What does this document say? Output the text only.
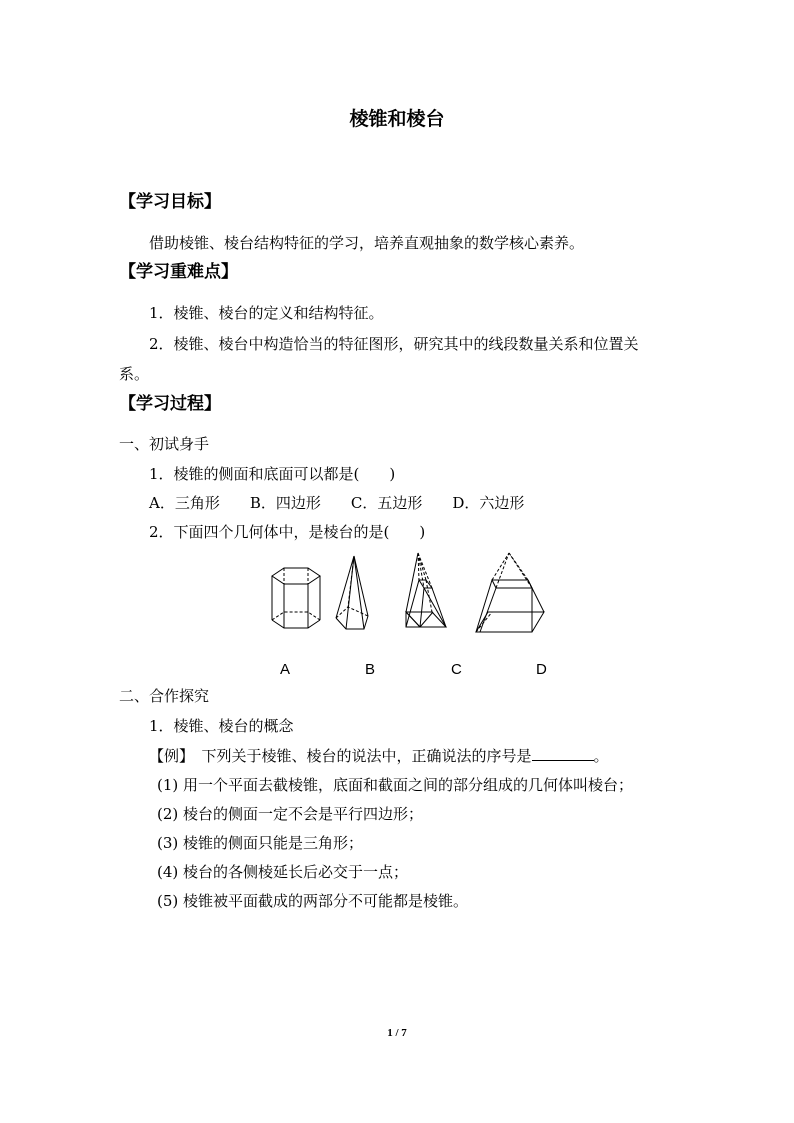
棱锥和棱台
【学习目标】
借助棱锥、棱台结构特征的学习，培养直观抽象的数学核心素养。
【学习重难点】
1．棱锥、棱台的定义和结构特征。
2．棱锥、棱台中构造恰当的特征图形，研究其中的线段数量关系和位置关
系。
【学习过程】
一、初试身手
1．棱锥的侧面和底面可以都是(　　)
A．三角形　　B．四边形　　C．五边形　　D．六边形
2．下面四个几何体中，是棱台的是(　　)
A	B	C	D
二、合作探究
1．棱锥、棱台的概念
【例】　下列关于棱锥、棱台的说法中，正确说法的序号是	。
(1) 用一个平面去截棱锥，底面和截面之间的部分组成的几何体叫棱台；
(2) 棱台的侧面一定不会是平行四边形；
(3) 棱锥的侧面只能是三角形；
(4) 棱台的各侧棱延长后必交于一点；
(5) 棱锥被平面截成的两部分不可能都是棱锥。
1 / 7
